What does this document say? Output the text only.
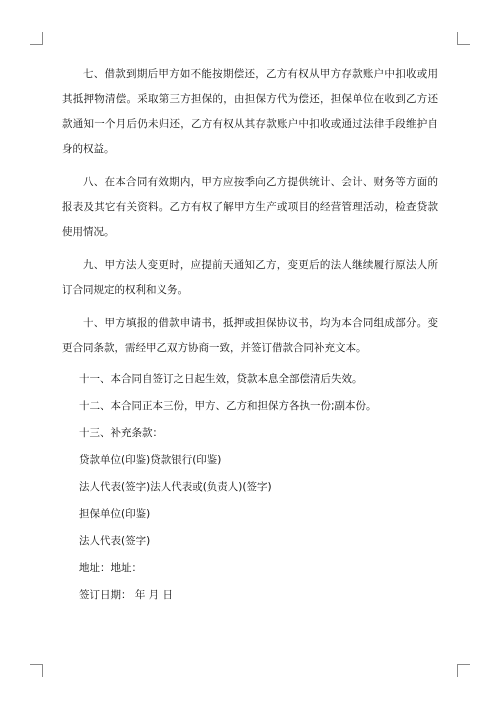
七、借款到期后甲方如不能按期偿还，乙方有权从甲方存款账户中扣收或用其抵押物清偿。采取第三方担保的，由担保方代为偿还，担保单位在收到乙方还款通知一个月后仍未归还，乙方有权从其存款账户中扣收或通过法律手段维护自身的权益。

八、在本合同有效期内，甲方应按季向乙方提供统计、会计、财务等方面的报表及其它有关资料。乙方有权了解甲方生产或项目的经营管理活动，检查贷款使用情况。

九、甲方法人变更时，应提前天通知乙方，变更后的法人继续履行原法人所订合同规定的权利和义务。

十、甲方填报的借款申请书，抵押或担保协议书，均为本合同组成部分。变更合同条款，需经甲乙双方协商一致，并签订借款合同补充文本。

十一、本合同自签订之日起生效，贷款本息全部偿清后失效。

十二、本合同正本三份，甲方、乙方和担保方各执一份;副本份。

十三、补充条款：

贷款单位(印鉴)贷款银行(印鉴)

法人代表(签字)法人代表或(负责人)(签字)

担保单位(印鉴)

法人代表(签字)

地址：地址：

签订日期： 年 月 日
